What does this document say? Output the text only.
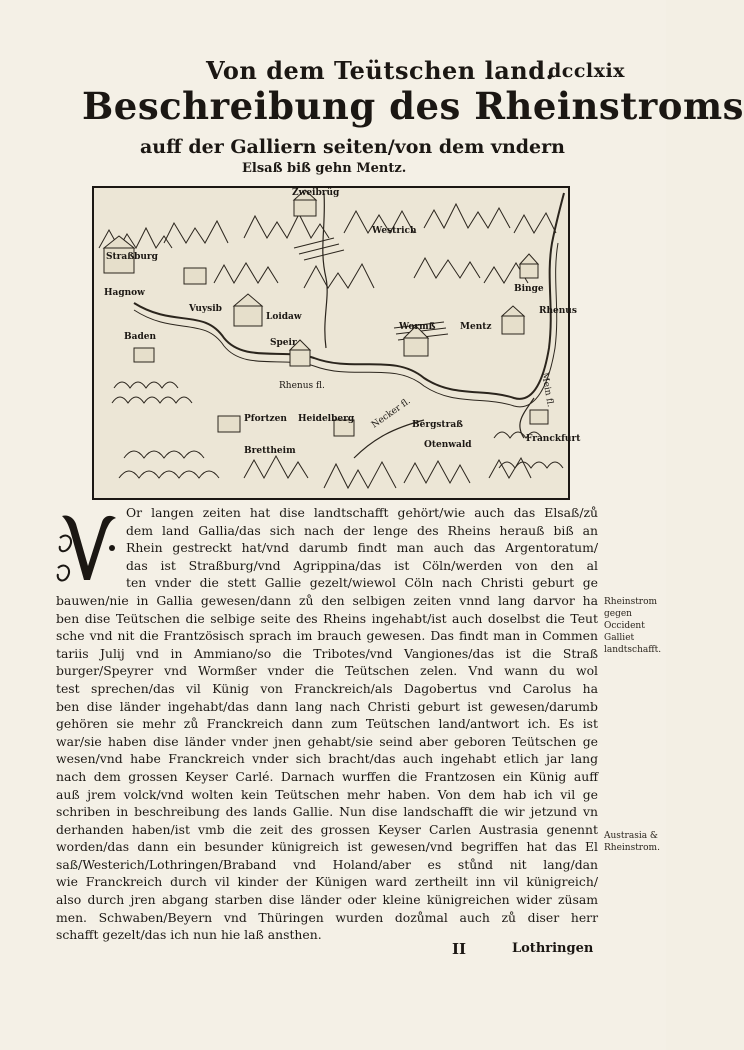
Von dem Teütschen land.
dcclxix
Beschreibung des Rheinstroms
auff der Galliern seiten/von dem vndern
Elsaß biß gehn Mentz.
Rhenus fl.
Necker fl.
Mein fl.
Zweibrüg
Westrich
Straßburg
Hagnow	Binge
Vuysib
Loidaw
Wormß	Mentz
Rhenus
Baden
Speir
Heidelberg
Bergstraß
Pfortzen
Brettheim
Otenwald
Franckfurt
Or langen zeiten hat dise landtschafft gehört/wie auch das Elsaß/zů
dem land Gallia/das sich nach der lenge des Rheins herauß biß an
Rhein gestreckt hat/vnd darumb findt man auch das Argentoratum/
das ist Straßburg/vnd Agrippina/das ist Cöln/werden von den al
ten vnder die stett Gallie gezelt/wiewol Cöln nach Christi geburt ge
bauwen/nie in Gallia gewesen/dann zů den selbigen zeiten vnnd lang darvor ha
ben dise Teütschen die selbige seite des Rheins ingehabt/ist auch doselbst die Teut
sche vnd nit die Frantzösisch sprach im brauch gewesen. Das findt man in Commen
tariis Julij vnd in Ammiano/so die Tribotes/vnd Vangiones/das ist die Straß
burger/Speyrer vnd Wormßer vnder die Teütschen zelen. Vnd wann du wol
test sprechen/das vil Künig von Franckreich/als Dagobertus vnd Carolus ha
ben dise länder ingehabt/das dann lang nach Christi geburt ist gewesen/darumb
gehören sie mehr zů Franckreich dann zum Teütschen land/antwort ich. Es ist
war/sie haben dise länder vnder jnen gehabt/sie seind aber geboren Teütschen ge
wesen/vnd habe Franckreich vnder sich bracht/das auch ingehabt etlich jar lang
nach dem grossen Keyser Carlé. Darnach wurffen die Frantzosen ein Künig auff
auß jrem volck/vnd wolten kein Teütschen mehr haben. Von dem hab ich vil ge
schriben in beschreibung des lands Gallie. Nun dise landschafft die wir jetzund vn
derhanden haben/ist vmb die zeit des grossen Keyser Carlen Austrasia genennt
worden/das dann ein besunder künigreich ist gewesen/vnd begriffen hat das El
saß/Westerich/Lothringen/Braband vnd Holand/aber es stůnd nit lang/dan
wie Franckreich durch vil kinder der Künigen ward zertheilt inn vil künigreich/
also durch jren abgang starben dise länder oder kleine künigreichen wider züsam
men. Schwaben/Beyern vnd Thüringen wurden dozůmal auch zů diser herr
schafft gezelt/das ich nun hie laß ansthen.
Rheinstrom gegen Occident Galliet landtschafft.
Austrasia & Rheinstrom.
II	Lothringen
